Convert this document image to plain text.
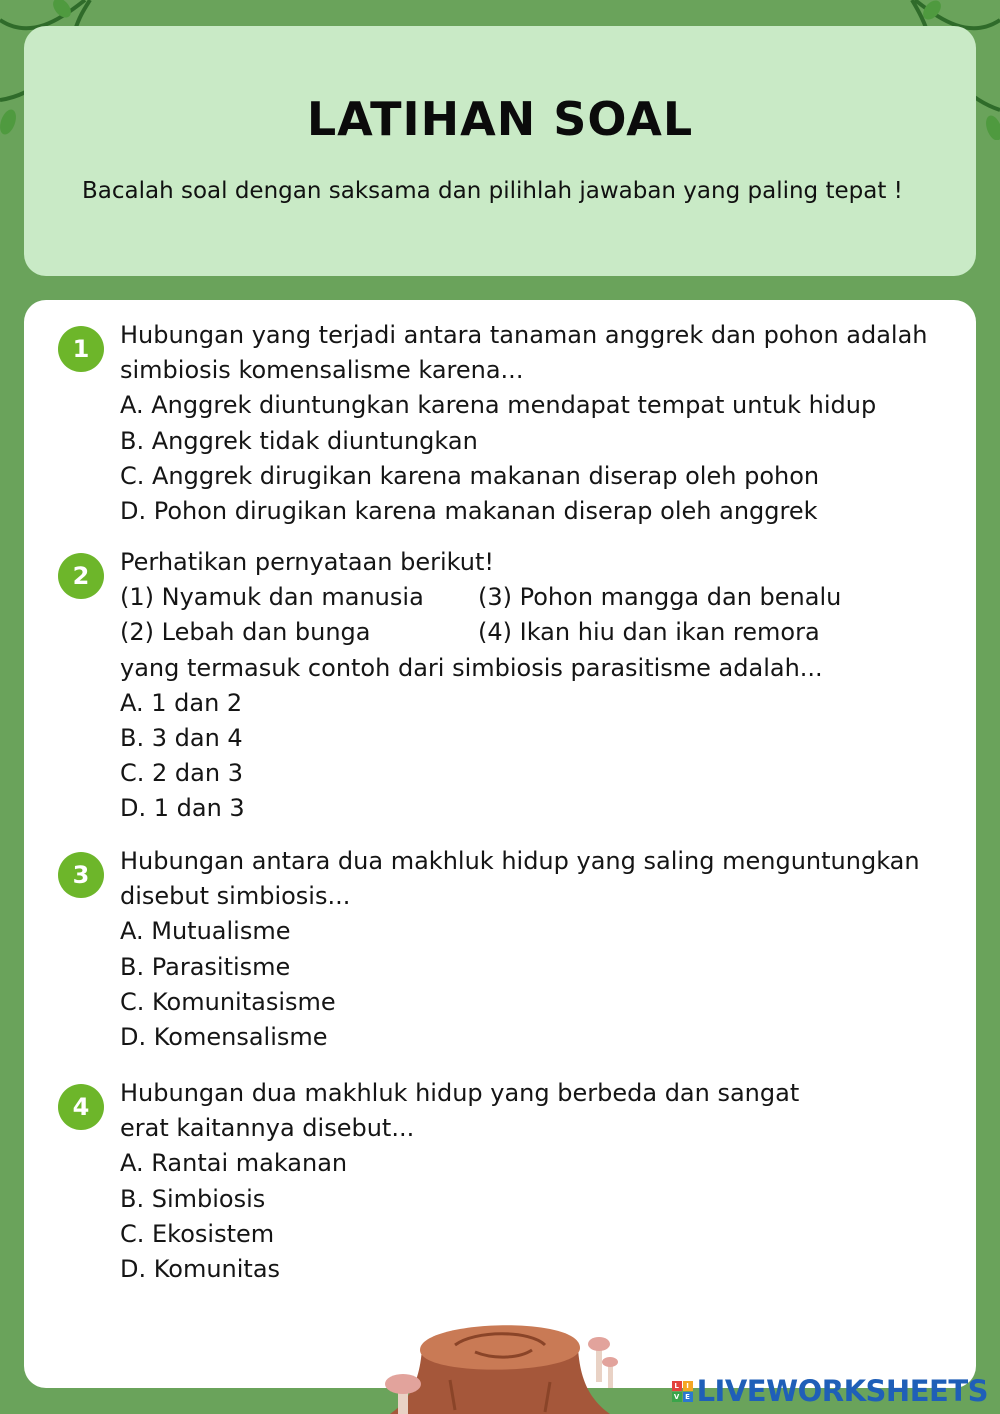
LATIHAN SOAL
Bacalah soal dengan saksama dan pilihlah jawaban yang paling tepat !
1	Hubungan yang terjadi antara tanaman anggrek dan pohon adalah
simbiosis komensalisme karena...
A. Anggrek diuntungkan karena mendapat tempat untuk hidup
B. Anggrek tidak diuntungkan
C. Anggrek dirugikan karena makanan diserap oleh pohon
D. Pohon dirugikan karena makanan diserap oleh anggrek
2	Perhatikan pernyataan berikut!
(1) Nyamuk dan manusia	(3) Pohon mangga dan benalu
(2) Lebah dan bunga	(4) Ikan hiu dan ikan remora
yang termasuk contoh dari simbiosis parasitisme adalah...
A. 1 dan 2
B. 3 dan 4
C. 2 dan 3
D. 1 dan 3
3	Hubungan antara dua makhluk hidup yang saling menguntungkan
disebut simbiosis...
A. Mutualisme
B. Parasitisme
C. Komunitasisme
D. Komensalisme
4	Hubungan dua makhluk hidup yang berbeda dan sangat
erat kaitannya disebut...
A. Rantai makanan
B. Simbiosis
C. Ekosistem
D. Komunitas
L	I
V E LIVEWORKSHEETS
